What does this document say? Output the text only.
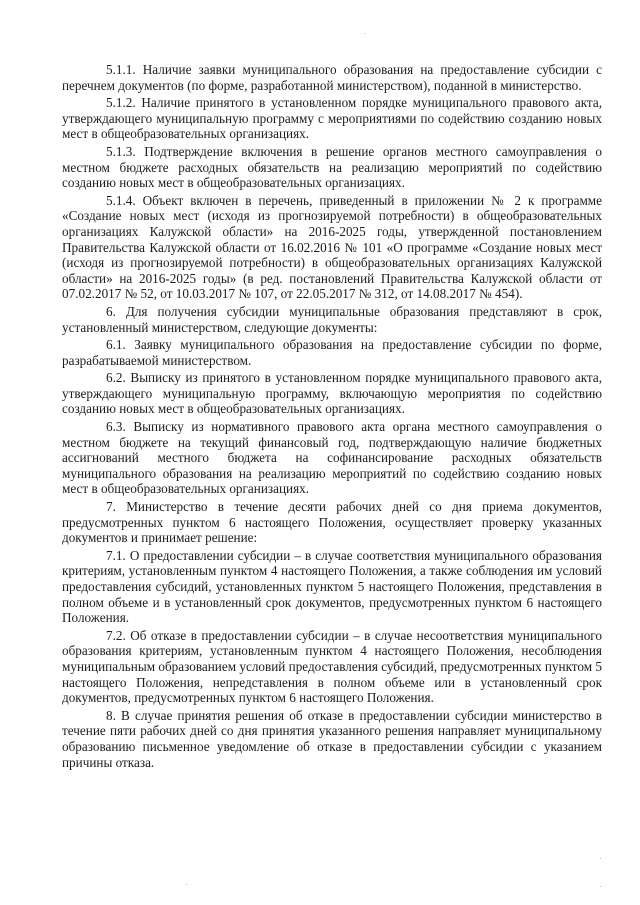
5.1.1. Наличие заявки муниципального образования на предоставление субсидии с перечнем документов (по форме, разработанной министерством), поданной в министерство.

5.1.2. Наличие принятого в установленном порядке муниципального правового акта, утверждающего муниципальную программу с мероприятиями по содействию созданию новых мест в общеобразовательных организациях.

5.1.3. Подтверждение включения в решение органов местного самоуправления о местном бюджете расходных обязательств на реализацию мероприятий по содействию созданию новых мест в общеобразовательных организациях.

5.1.4. Объект включен в перечень, приведенный в приложении № 2 к программе «Создание новых мест (исходя из прогнозируемой потребности) в общеобразовательных организациях Калужской области» на 2016-2025 годы, утвержденной постановлением Правительства Калужской области от 16.02.2016 № 101 «О программе «Создание новых мест (исходя из прогнозируемой потребности) в общеобразовательных организациях Калужской области» на 2016-2025 годы» (в ред. постановлений Правительства Калужской области от 07.02.2017 № 52, от 10.03.2017 № 107, от 22.05.2017 № 312, от 14.08.2017 № 454).

6. Для получения субсидии муниципальные образования представляют в срок, установленный министерством, следующие документы:

6.1. Заявку муниципального образования на предоставление субсидии по форме, разрабатываемой министерством.

6.2. Выписку из принятого в установленном порядке муниципального правового акта, утверждающего муниципальную программу, включающую мероприятия по содействию созданию новых мест в общеобразовательных организациях.

6.3. Выписку из нормативного правового акта органа местного самоуправления о местном бюджете на текущий финансовый год, подтверждающую наличие бюджетных ассигнований местного бюджета на софинансирование расходных обязательств муниципального образования на реализацию мероприятий по содействию созданию новых мест в общеобразовательных организациях.

7. Министерство в течение десяти рабочих дней со дня приема документов, предусмотренных пунктом 6 настоящего Положения, осуществляет проверку указанных документов и принимает решение:

7.1. О предоставлении субсидии – в случае соответствия муниципального образования критериям, установленным пунктом 4 настоящего Положения, а также соблюдения им условий предоставления субсидий, установленных пунктом 5 настоящего Положения, представления в полном объеме и в установленный срок документов, предусмотренных пунктом 6 настоящего Положения.

7.2. Об отказе в предоставлении субсидии – в случае несоответствия муниципального образования критериям, установленным пунктом 4 настоящего Положения, несоблюдения муниципальным образованием условий предоставления субсидий, предусмотренных пунктом 5 настоящего Положения, непредставления в полном объеме или в установленный срок документов, предусмотренных пунктом 6 настоящего Положения.

8. В случае принятия решения об отказе в предоставлении субсидии министерство в течение пяти рабочих дней со дня принятия указанного решения направляет муниципальному образованию письменное уведомление об отказе в предоставлении субсидии с указанием причины отказа.
